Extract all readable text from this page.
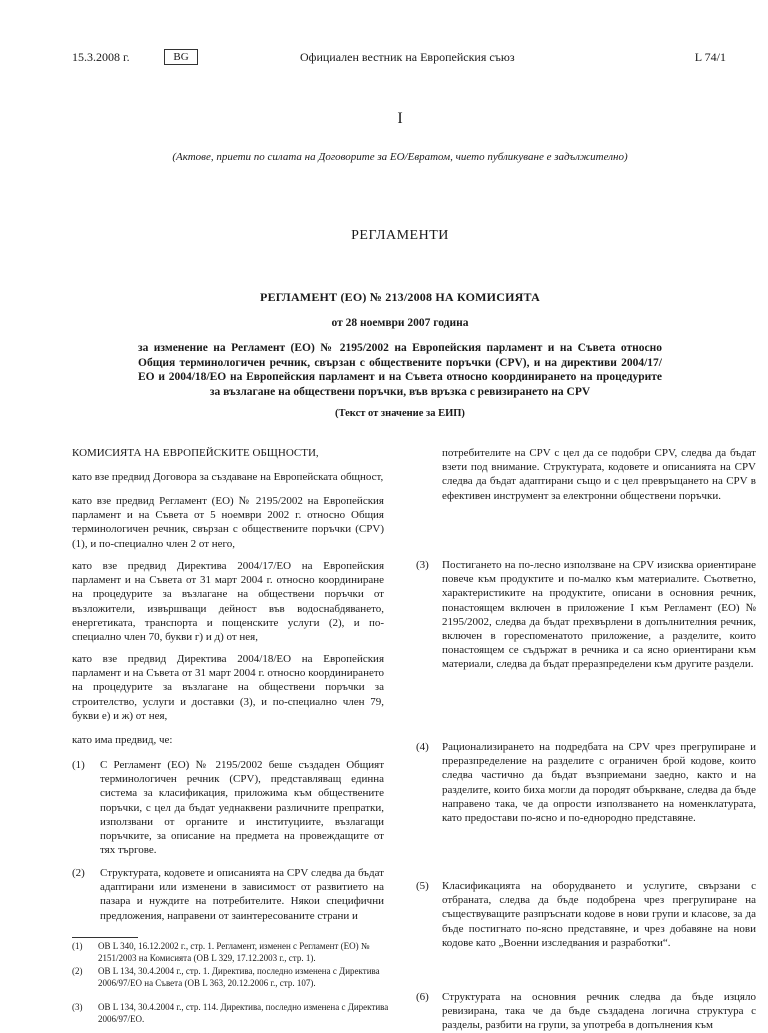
15.3.2008 г.	BG	Официален вестник на Европейския съюз	L 74/1
I
(Актове, приети по силата на Договорите за ЕО/Евратом, чието публикуване е задължително)
РЕГЛАМЕНТИ
РЕГЛАМЕНТ (ЕО) № 213/2008 НА КОМИСИЯТА
от 28 ноември 2007 година
за изменение на Регламент (ЕО) № 2195/2002 на Европейския парламент и на Съвета относно Общия терминологичен речник, свързан с обществените поръчки (CPV), и на директиви 2004/17/ЕО и 2004/18/ЕО на Европейския парламент и на Съвета относно координирането на процедурите за възлагане на обществени поръчки, във връзка с ревизирането на CPV
(Текст от значение за ЕИП)

КОМИСИЯТА НА ЕВРОПЕЙСКИТЕ ОБЩНОСТИ,

като взе предвид Договора за създаване на Европейската общност,

като взе предвид Регламент (ЕО) № 2195/2002 на Европейския парламент и на Съвета от 5 ноември 2002 г. относно Общия терминологичен речник, свързан с обществените поръчки (CPV) (1), и по-специално член 2 от него,

като взе предвид Директива 2004/17/ЕО на Европейския парламент и на Съвета от 31 март 2004 г. относно координиране на процедурите за възлагане на обществени поръчки от възложители, извършващи дейност във водоснабдяването, енергетиката, транспорта и пощенските услуги (2), и по-специално член 70, букви г) и д) от нея,

като взе предвид Директива 2004/18/ЕО на Европейския парламент и на Съвета от 31 март 2004 г. относно координирането на процедурите за възлагане на обществени поръчки за строителство, услуги и доставки (3), и по-специално член 79, букви е) и ж) от нея,

като има предвид, че:

(1) С Регламент (ЕО) № 2195/2002 беше създаден Общият терминологичен речник (CPV), представляващ единна система за класификация, приложима към обществените поръчки, с цел да бъдат уеднаквени различните препратки, използвани от органите и институциите, възлагащи поръчките, за описание на предмета на провеждащите от тях търгове.

(2) Структурата, кодовете и описанията на CPV следва да бъдат адаптирани или изменени в зависимост от развитието на пазара и нуждите на потребителите. Някои специфични предложения, направени от заинтересованите страни и

(1) ОВ L 340, 16.12.2002 г., стр. 1. Регламент, изменен с Регламент (ЕО) № 2151/2003 на Комисията (ОВ L 329, 17.12.2003 г., стр. 1).
(2) ОВ L 134, 30.4.2004 г., стр. 1. Директива, последно изменена с Директива 2006/97/ЕО на Съвета (ОВ L 363, 20.12.2006 г., стр. 107).
(3) ОВ L 134, 30.4.2004 г., стр. 114. Директива, последно изменена с Директива 2006/97/ЕО.

потребителите на CPV с цел да се подобри CPV, следва да бъдат взети под внимание. Структурата, кодовете и описанията на CPV следва да бъдат адаптирани също и с цел превръщането на CPV в ефективен инструмент за електронни обществени поръчки.

(3) Постигането на по-лесно използване на CPV изисква ориентиране повече към продуктите и по-малко към материалите. Съответно, характеристиките на продуктите, описани в основния речник, понастоящем включен в приложение I към Регламент (ЕО) № 2195/2002, следва да бъдат прехвърлени в допълнителния речник, включен в гореспоменатото приложение, а разделите, които понастоящем се съдържат в речника и са ясно ориентирани към материали, следва да бъдат преразпределени към другите раздели.

(4) Рационализирането на подредбата на CPV чрез прегрупиране и преразпределение на разделите с ограничен брой кодове, които следва частично да бъдат възприемани заедно, както и на разделите, които биха могли да породят объркване, следва да бъде направено така, че да опрости използването на номенклатурата, като предостави по-ясно и по-еднородно представяне.

(5) Класификацията на оборудването и услугите, свързани с отбраната, следва да бъде подобрена чрез прегрупиране на съществуващите разпръснати кодове в нови групи и класове, за да бъде постигнато по-ясно представяне, и чрез добавяне на нови кодове като „Военни изследвания и разработки“.

(6) Структурата на основния речник следва да бъде изцяло ревизирана, така че да бъде създадена логична структура с разделы, разбити на групи, за употреба в допълнения към
